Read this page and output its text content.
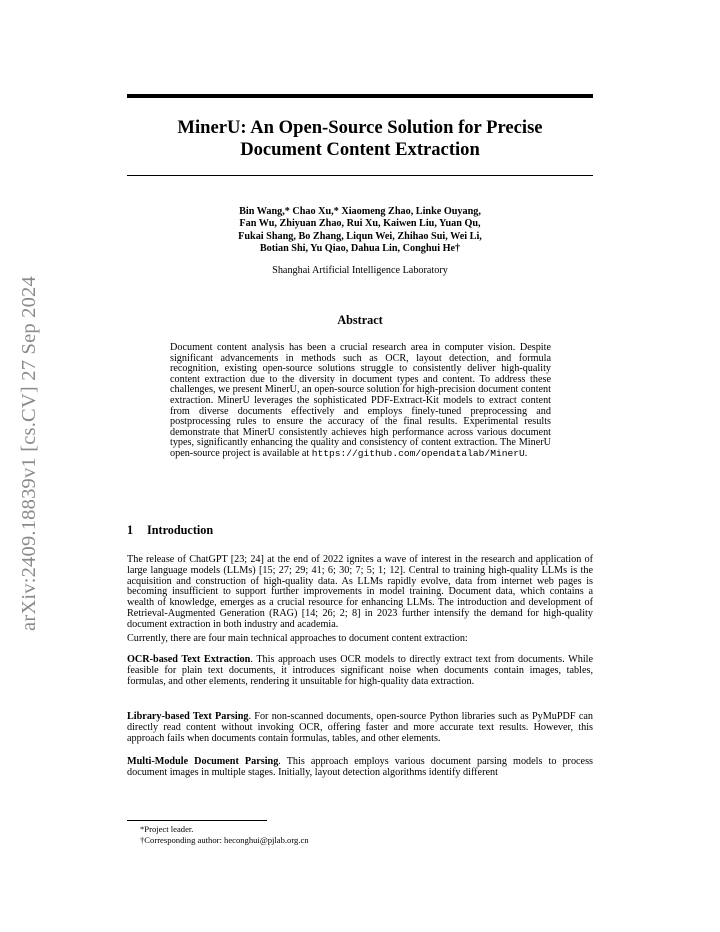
arXiv:2409.18839v1 [cs.CV] 27 Sep 2024
MinerU: An Open-Source Solution for Precise
Document Content Extraction
Bin Wang,* Chao Xu,* Xiaomeng Zhao, Linke Ouyang,
Fan Wu, Zhiyuan Zhao, Rui Xu, Kaiwen Liu, Yuan Qu,
Fukai Shang, Bo Zhang, Liqun Wei, Zhihao Sui, Wei Li,
Botian Shi, Yu Qiao, Dahua Lin, Conghui He†
Shanghai Artificial Intelligence Laboratory
Abstract
Document content analysis has been a crucial research area in computer vision. Despite significant advancements in methods such as OCR, layout detection, and formula recognition, existing open-source solutions struggle to consistently deliver high-quality content extraction due to the diversity in document types and content. To address these challenges, we present MinerU, an open-source solution for high-precision document content extraction. MinerU leverages the sophisticated PDF-Extract-Kit models to extract content from diverse documents effectively and employs finely-tuned preprocessing and postprocessing rules to ensure the accuracy of the final results. Experimental results demonstrate that MinerU consistently achieves high performance across various document types, significantly enhancing the quality and consistency of content extraction. The MinerU open-source project is available at https://github.com/opendatalab/MinerU.
1 Introduction
The release of ChatGPT [23; 24] at the end of 2022 ignites a wave of interest in the research and application of large language models (LLMs) [15; 27; 29; 41; 6; 30; 7; 5; 1; 12]. Central to training high-quality LLMs is the acquisition and construction of high-quality data. As LLMs rapidly evolve, data from internet web pages is becoming insufficient to support further improvements in model training. Document data, which contains a wealth of knowledge, emerges as a crucial resource for enhancing LLMs. The introduction and development of Retrieval-Augmented Generation (RAG) [14; 26; 2; 8] in 2023 further intensify the demand for high-quality document extraction in both industry and academia.
Currently, there are four main technical approaches to document content extraction:
OCR-based Text Extraction. This approach uses OCR models to directly extract text from documents. While feasible for plain text documents, it introduces significant noise when documents contain images, tables, formulas, and other elements, rendering it unsuitable for high-quality data extraction.
Library-based Text Parsing. For non-scanned documents, open-source Python libraries such as PyMuPDF can directly read content without invoking OCR, offering faster and more accurate text results. However, this approach fails when documents contain formulas, tables, and other elements.
Multi-Module Document Parsing. This approach employs various document parsing models to process document images in multiple stages. Initially, layout detection algorithms identify different
*Project leader.
†Corresponding author: heconghui@pjlab.org.cn
